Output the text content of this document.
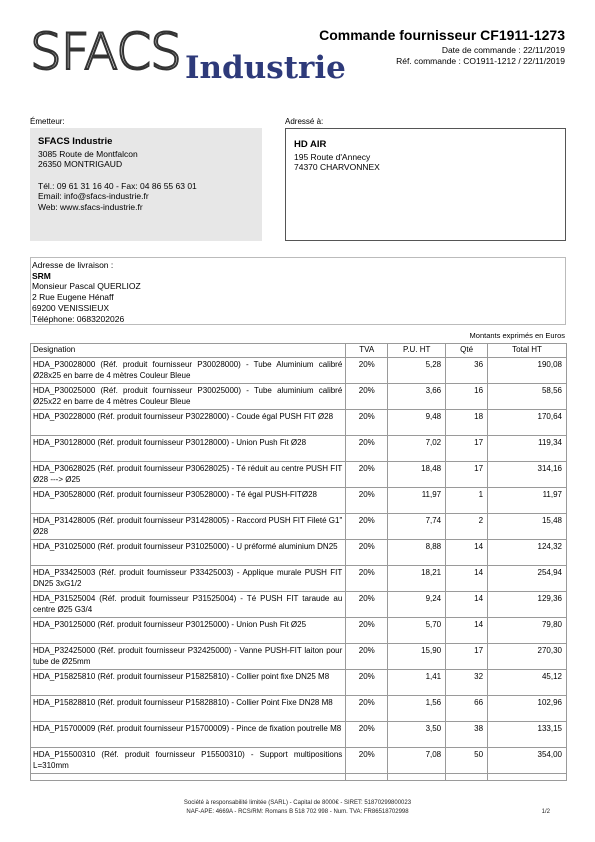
SFACS Industrie
Commande fournisseur CF1911-1273
Date de commande : 22/11/2019
Réf. commande : CO1911-1212 / 22/11/2019
Émetteur:
SFACS Industrie
3085 Route de Montfalcon
26350 MONTRIGAUD
Tél.: 09 61 31 16 40 - Fax: 04 86 55 63 01
Email: info@sfacs-industrie.fr
Web: www.sfacs-industrie.fr
Adressé à:
HD AIR
195 Route d'Annecy
74370 CHARVONNEX
Adresse de livraison :
SRM
Monsieur Pascal QUERLIOZ
2 Rue Eugene Hénaff
69200 VENISSIEUX
Téléphone: 0683202026
Montants exprimés en Euros
Designation	TVA	P.U. HT	Qté	Total HT
HDA_P30028000 (Réf. produit fournisseur P30028000) - Tube Aluminium calibré Ø28x25 en barre de 4 mètres Couleur Bleue	20%	5,28	36	190,08
HDA_P30025000 (Réf. produit fournisseur P30025000) - Tube aluminium calibré Ø25x22 en barre de 4 mètres Couleur Bleue	20%	3,66	16	58,56
HDA_P30228000 (Réf. produit fournisseur P30228000) - Coude égal PUSH FIT Ø28	20%	9,48	18	170,64
HDA_P30128000 (Réf. produit fournisseur P30128000) - Union Push Fit Ø28	20%	7,02	17	119,34
HDA_P30628025 (Réf. produit fournisseur P30628025) - Té réduit au centre PUSH FIT Ø28 ---> Ø25	20%	18,48	17	314,16
HDA_P30528000 (Réf. produit fournisseur P30528000) - Té égal PUSH-FITØ28	20%	11,97	1	11,97
HDA_P31428005 (Réf. produit fournisseur P31428005) - Raccord PUSH FIT Fileté G1" Ø28	20%	7,74	2	15,48
HDA_P31025000 (Réf. produit fournisseur P31025000) - U préformé aluminium DN25	20%	8,88	14	124,32
HDA_P33425003 (Réf. produit fournisseur P33425003) - Applique murale PUSH FIT DN25 3xG1/2	20%	18,21	14	254,94
HDA_P31525004 (Réf. produit fournisseur P31525004) - Té PUSH FIT taraude au centre Ø25 G3/4	20%	9,24	14	129,36
HDA_P30125000 (Réf. produit fournisseur P30125000) - Union Push Fit Ø25	20%	5,70	14	79,80
HDA_P32425000 (Réf. produit fournisseur P32425000) - Vanne PUSH-FIT laiton pour tube de Ø25mm	20%	15,90	17	270,30
HDA_P15825810 (Réf. produit fournisseur P15825810) - Collier point fixe DN25 M8	20%	1,41	32	45,12
HDA_P15828810 (Réf. produit fournisseur P15828810) - Collier Point Fixe DN28 M8	20%	1,56	66	102,96
HDA_P15700009 (Réf. produit fournisseur P15700009) - Pince de fixation poutrelle M8	20%	3,50	38	133,15
HDA_P15500310 (Réf. produit fournisseur P15500310) - Support multipositions L=310mm	20%	7,08	50	354,00

Société à responsabilité limitée (SARL) - Capital de 8000€ - SIRET: 51870299800023
NAF-APE: 4669A - RCS/RM: Romans B 518 702 998 - Num. TVA: FR86518702998	1/2
